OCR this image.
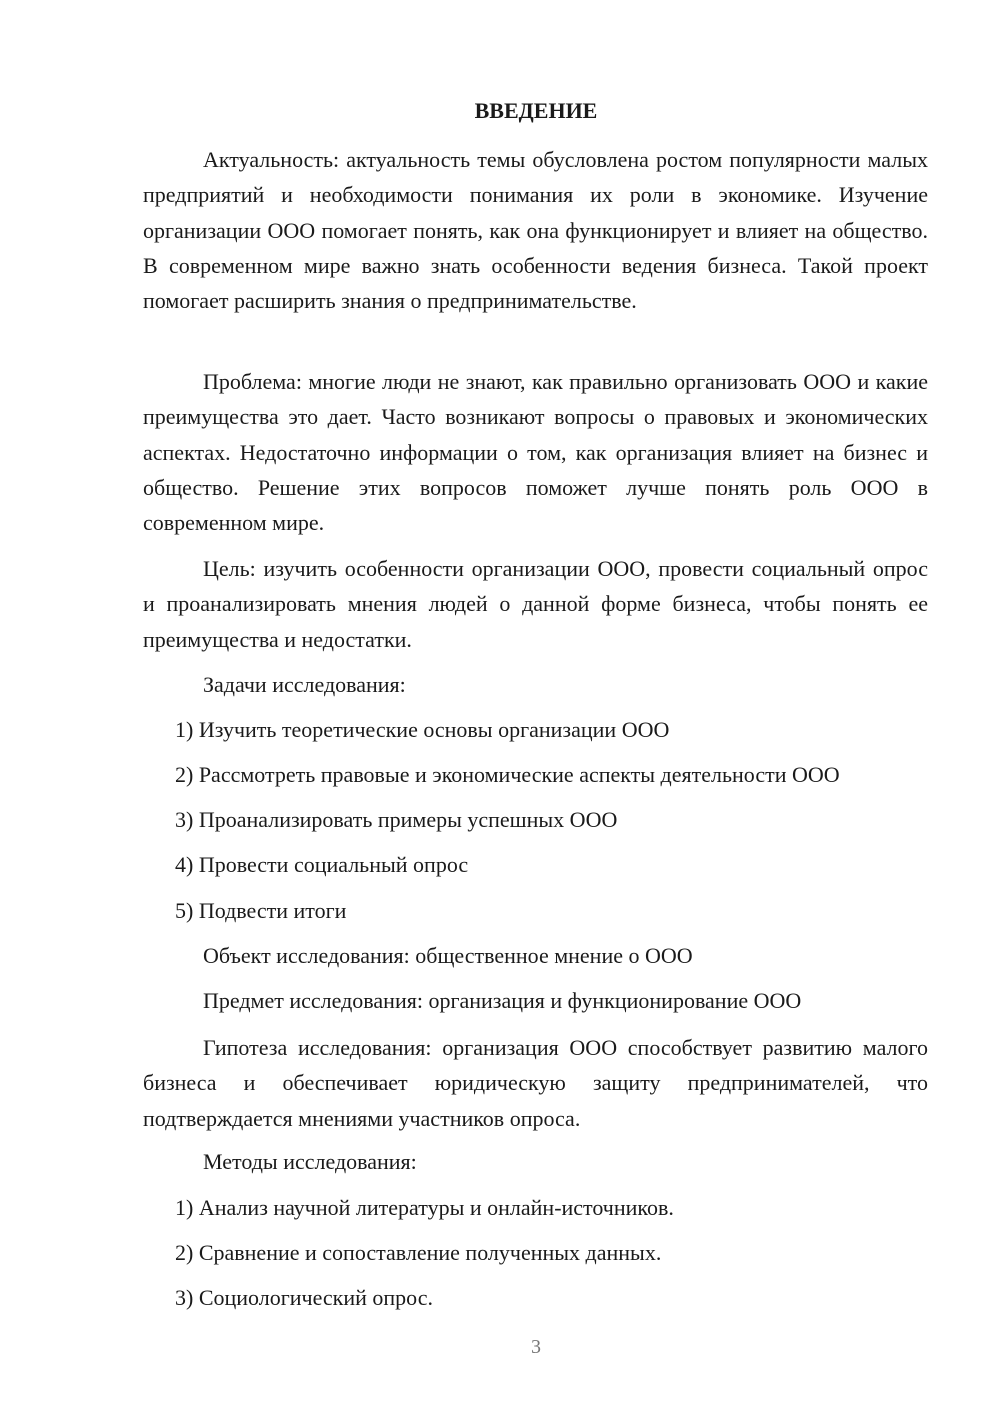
ВВЕДЕНИЕ

Актуальность: актуальность темы обусловлена ростом популярности малых предприятий и необходимости понимания их роли в экономике. Изучение организации ООО помогает понять, как она функционирует и влияет на общество. В современном мире важно знать особенности ведения бизнеса. Такой проект помогает расширить знания о предпринимательстве.

Проблема: многие люди не знают, как правильно организовать ООО и какие преимущества это дает. Часто возникают вопросы о правовых и экономических аспектах. Недостаточно информации о том, как организация влияет на бизнес и общество. Решение этих вопросов поможет лучше понять роль ООО в современном мире.

Цель: изучить особенности организации ООО, провести социальный опрос и проанализировать мнения людей о данной форме бизнеса, чтобы понять ее преимущества и недостатки.

Задачи исследования:

1) Изучить теоретические основы организации ООО

2) Рассмотреть правовые и экономические аспекты деятельности ООО

3) Проанализировать примеры успешных ООО

4) Провести социальный опрос

5) Подвести итоги

Объект исследования: общественное мнение о ООО

Предмет исследования: организация и функционирование ООО

Гипотеза исследования: организация ООО способствует развитию малого бизнеса и обеспечивает юридическую защиту предпринимателей, что подтверждается мнениями участников опроса.

Методы исследования:

1) Анализ научной литературы и онлайн-источников.

2) Сравнение и сопоставление полученных данных.

3) Социологический опрос.

3
